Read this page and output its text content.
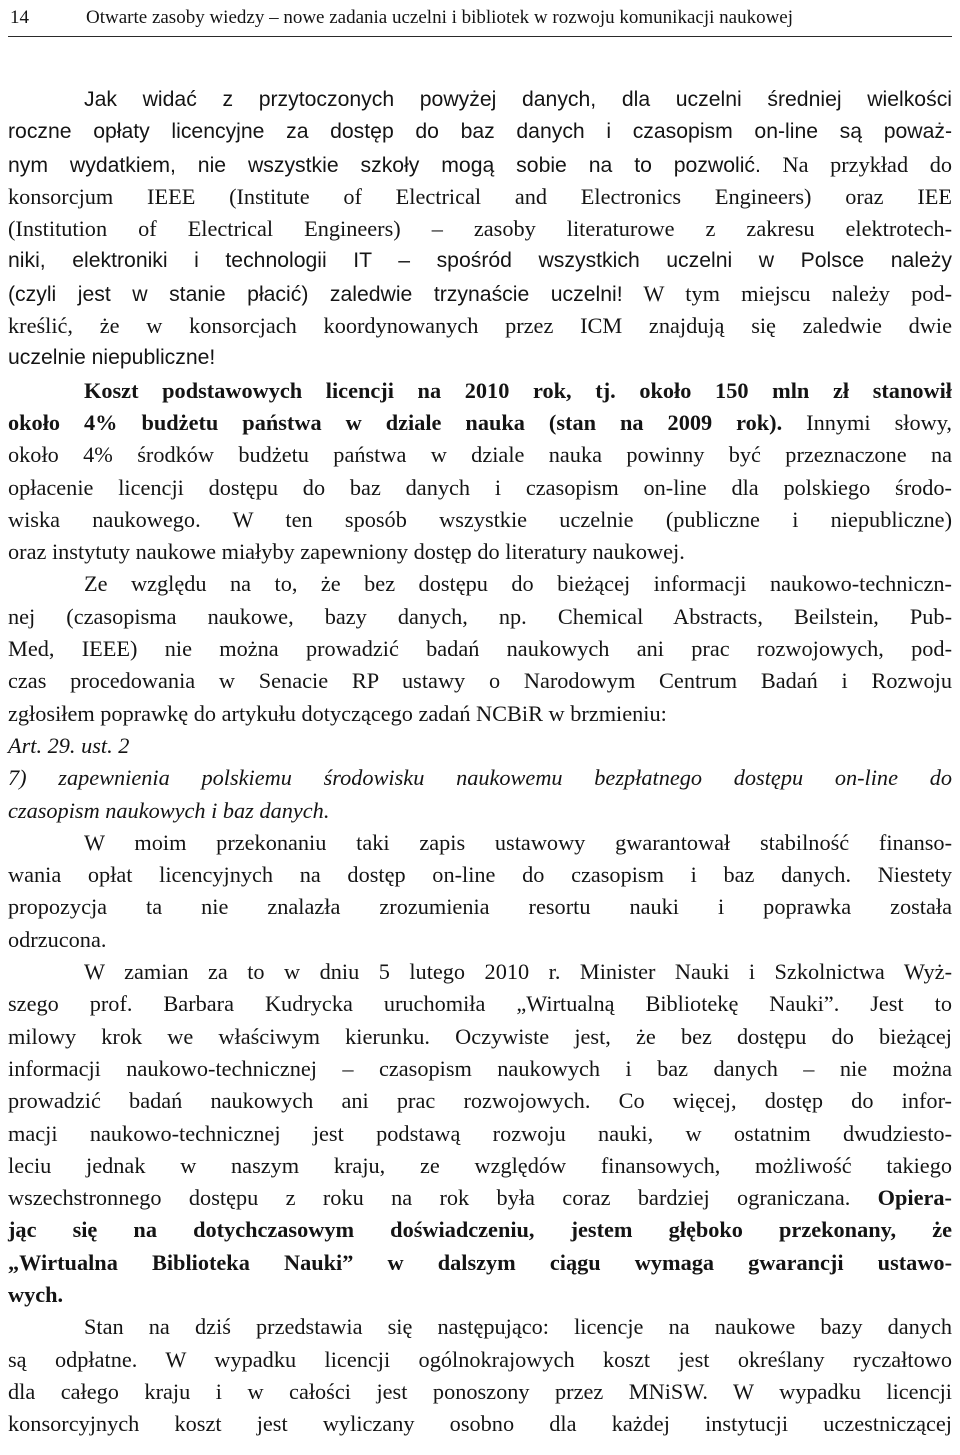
14	Otwarte zasoby wiedzy – nowe zadania uczelni i bibliotek w rozwoju komunikacji naukowej
Jak widać z przytoczonych powyżej danych, dla uczelni średniej wielkości
roczne opłaty licencyjne za dostęp do baz danych i czasopism on-line są poważ-
nym wydatkiem, nie wszystkie szkoły mogą sobie na to pozwolić. Na przykład do
konsorcjum IEEE (Institute of Electrical and Electronics Engineers) oraz IEE
(Institution of Electrical Engineers) – zasoby literaturowe z zakresu elektrotech-
niki, elektroniki i technologii IT – spośród wszystkich uczelni w Polsce należy
(czyli jest w stanie płacić) zaledwie trzynaście uczelni! W tym miejscu należy pod-
kreślić, że w konsorcjach koordynowanych przez ICM znajdują się zaledwie dwie
uczelnie niepubliczne!
Koszt podstawowych licencji na 2010 rok, tj. około 150 mln zł stanowił
około 4% budżetu państwa w dziale nauka (stan na 2009 rok). Innymi słowy,
około 4% środków budżetu państwa w dziale nauka powinny być przeznaczone na
opłacenie licencji dostępu do baz danych i czasopism on-line dla polskiego środo-
wiska naukowego. W ten sposób wszystkie uczelnie (publiczne i niepubliczne)
oraz instytuty naukowe miałyby zapewniony dostęp do literatury naukowej.
Ze względu na to, że bez dostępu do bieżącej informacji naukowo-techniczn-
nej (czasopisma naukowe, bazy danych, np. Chemical Abstracts, Beilstein, Pub-
Med, IEEE) nie można prowadzić badań naukowych ani prac rozwojowych, pod-
czas procedowania w Senacie RP ustawy o Narodowym Centrum Badań i Rozwoju
zgłosiłem poprawkę do artykułu dotyczącego zadań NCBiR w brzmieniu:
Art. 29. ust. 2
7) zapewnienia polskiemu środowisku naukowemu bezpłatnego dostępu on-line do
czasopism naukowych i baz danych.
W moim przekonaniu taki zapis ustawowy gwarantował stabilność finanso-
wania opłat licencyjnych na dostęp on-line do czasopism i baz danych. Niestety
propozycja ta nie znalazła zrozumienia resortu nauki i poprawka została
odrzucona.
W zamian za to w dniu 5 lutego 2010 r. Minister Nauki i Szkolnictwa Wyż-
szego prof. Barbara Kudrycka uruchomiła „Wirtualną Bibliotekę Nauki”. Jest to
milowy krok we właściwym kierunku. Oczywiste jest, że bez dostępu do bieżącej
informacji naukowo-technicznej – czasopism naukowych i baz danych – nie można
prowadzić badań naukowych ani prac rozwojowych. Co więcej, dostęp do infor-
macji naukowo-technicznej jest podstawą rozwoju nauki, w ostatnim dwudziesto-
leciu jednak w naszym kraju, ze względów finansowych, możliwość takiego
wszechstronnego dostępu z roku na rok była coraz bardziej ograniczana. Opiera-
jąc się na dotychczasowym doświadczeniu, jestem głęboko przekonany, że
„Wirtualna Biblioteka Nauki” w dalszym ciągu wymaga gwarancji ustawo-
wych.
Stan na dziś przedstawia się następująco: licencje na naukowe bazy danych
są odpłatne. W wypadku licencji ogólnokrajowych koszt jest określany ryczałtowo
dla całego kraju i w całości jest ponoszony przez MNiSW. W wypadku licencji
konsorcyjnych koszt jest wyliczany osobno dla każdej instytucji uczestniczącej
